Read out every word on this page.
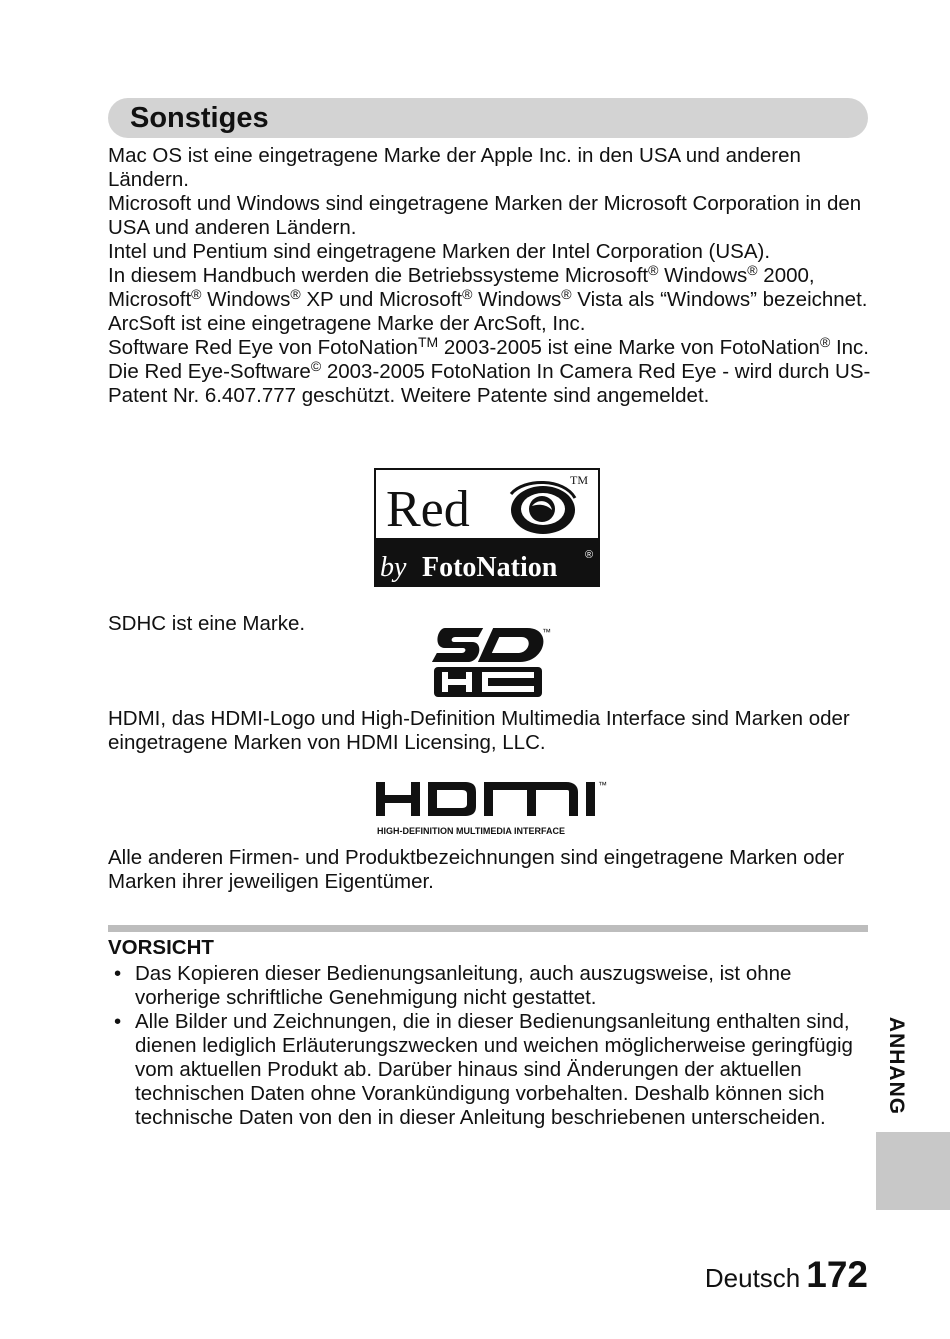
Sonstiges

Mac OS ist eine eingetragene Marke der Apple Inc. in den USA und anderen Ländern.

Microsoft und Windows sind eingetragene Marken der Microsoft Corporation in den USA und anderen Ländern.

Intel und Pentium sind eingetragene Marken der Intel Corporation (USA).

In diesem Handbuch werden die Betriebssysteme Microsoft® Windows® 2000, Microsoft® Windows® XP und Microsoft® Windows® Vista als “Windows” bezeichnet.

ArcSoft ist eine eingetragene Marke der ArcSoft, Inc.

Software Red Eye von FotoNation™ 2003-2005 ist eine Marke von FotoNation® Inc.

Die Red Eye-Software© 2003-2005 FotoNation In Camera Red Eye - wird durch US-Patent Nr. 6.407.777 geschützt. Weitere Patente sind angemeldet.

Red
TM
by FotoNation	®
SDHC ist eine Marke.	™
HDMI, das HDMI-Logo und High-Definition Multimedia Interface sind Marken oder eingetragene Marken von HDMI Licensing, LLC.
™
HIGH-DEFINITION MULTIMEDIA INTERFACE
Alle anderen Firmen- und Produktbezeichnungen sind eingetragene Marken oder Marken ihrer jeweiligen Eigentümer.
VORSICHT
• Das Kopieren dieser Bedienungsanleitung, auch auszugsweise, ist ohne vorherige schriftliche Genehmigung nicht gestattet.
• Alle Bilder und Zeichnungen, die in dieser Bedienungsanleitung enthalten sind, dienen lediglich Erläuterungszwecken und weichen möglicherweise geringfügig vom aktuellen Produkt ab. Darüber hinaus sind Änderungen der aktuellen technischen Daten ohne Vorankündigung vorbehalten. Deshalb können sich technische Daten von den in dieser Anleitung beschriebenen unterscheiden.
ANHANG
Deutsch 172
